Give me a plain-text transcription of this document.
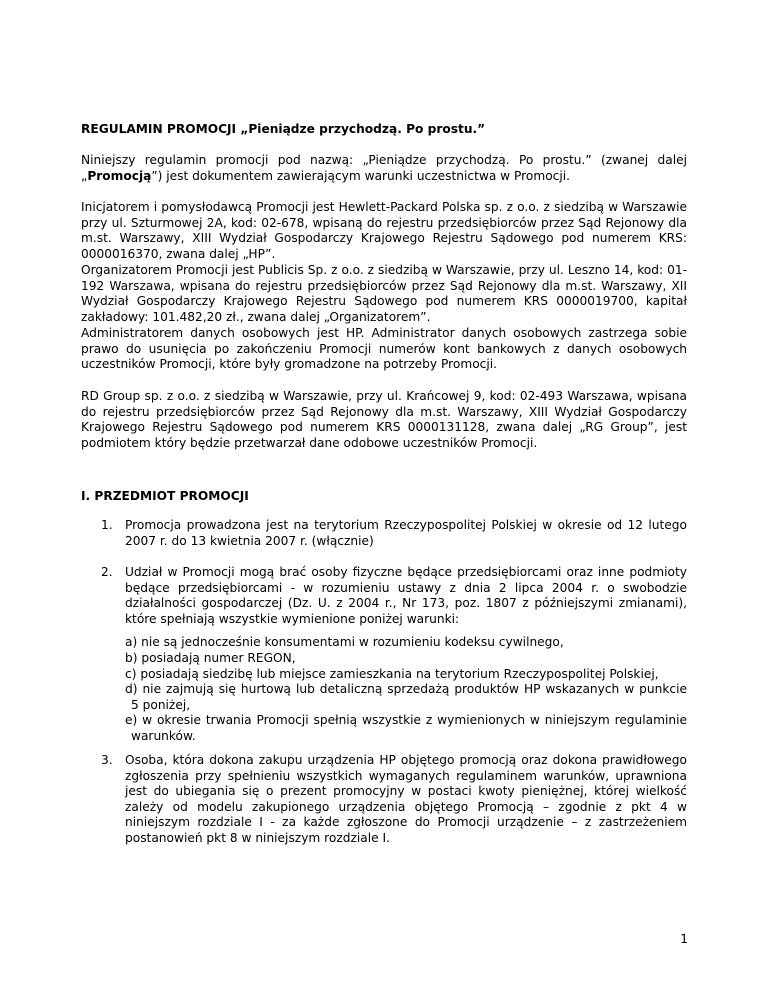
REGULAMIN PROMOCJI „Pieniądze przychodzą. Po prostu.”

Niniejszy regulamin promocji pod nazwą: „Pieniądze przychodzą. Po prostu.” (zwanej dalej „Promocją”) jest dokumentem zawierającym warunki uczestnictwa w Promocji.

Inicjatorem i pomysłodawcą Promocji jest Hewlett-Packard Polska sp. z o.o. z siedzibą w Warszawie przy ul. Szturmowej 2A, kod: 02-678, wpisaną do rejestru przedsiębiorców przez Sąd Rejonowy dla m.st. Warszawy, XIII Wydział Gospodarczy Krajowego Rejestru Sądowego pod numerem KRS: 0000016370, zwana dalej „HP”.

Organizatorem Promocji jest Publicis Sp. z o.o. z siedzibą w Warszawie, przy ul. Leszno 14, kod: 01-192 Warszawa, wpisana do rejestru przedsiębiorców przez Sąd Rejonowy dla m.st. Warszawy, XII Wydział Gospodarczy Krajowego Rejestru Sądowego pod numerem KRS 0000019700, kapitał zakładowy: 101.482,20 zł., zwana dalej „Organizatorem”.

Administratorem danych osobowych jest HP. Administrator danych osobowych zastrzega sobie prawo do usunięcia po zakończeniu Promocji numerów kont bankowych z danych osobowych uczestników Promocji, które były gromadzone na potrzeby Promocji.

RD Group sp. z o.o. z siedzibą w Warszawie, przy ul. Krańcowej 9, kod: 02-493 Warszawa, wpisana do rejestru przedsiębiorców przez Sąd Rejonowy dla m.st. Warszawy, XIII Wydział Gospodarczy Krajowego Rejestru Sądowego pod numerem KRS 0000131128, zwana dalej „RG Group”, jest podmiotem który będzie przetwarzał dane odobowe uczestników Promocji.

I. PRZEDMIOT PROMOCJI
1. Promocja prowadzona jest na terytorium Rzeczypospolitej Polskiej w okresie od 12 lutego 2007 r. do 13 kwietnia 2007 r. (włącznie)
2. Udział w Promocji mogą brać osoby fizyczne będące przedsiębiorcami oraz inne podmioty będące przedsiębiorcami - w rozumieniu ustawy z dnia 2 lipca 2004 r. o swobodzie działalności gospodarczej (Dz. U. z 2004 r., Nr 173, poz. 1807 z późniejszymi zmianami), które spełniają wszystkie wymienione poniżej warunki:
a) nie są jednocześnie konsumentami w rozumieniu kodeksu cywilnego,
b) posiadają numer REGON,
c) posiadają siedzibę lub miejsce zamieszkania na terytorium Rzeczypospolitej Polskiej,
d) nie zajmują się hurtową lub detaliczną sprzedażą produktów HP wskazanych w punkcie
5 poniżej,
e) w okresie trwania Promocji spełnią wszystkie z wymienionych w niniejszym regulaminie
warunków.
3. Osoba, która dokona zakupu urządzenia HP objętego promocją oraz dokona prawidłowego zgłoszenia przy spełnieniu wszystkich wymaganych regulaminem warunków, uprawniona jest do ubiegania się o prezent promocyjny w postaci kwoty pieniężnej, której wielkość zależy od modelu zakupionego urządzenia objętego Promocją – zgodnie z pkt 4 w niniejszym rozdziale I - za każde zgłoszone do Promocji urządzenie – z zastrzeżeniem postanowień pkt 8 w niniejszym rozdziale I.
1
